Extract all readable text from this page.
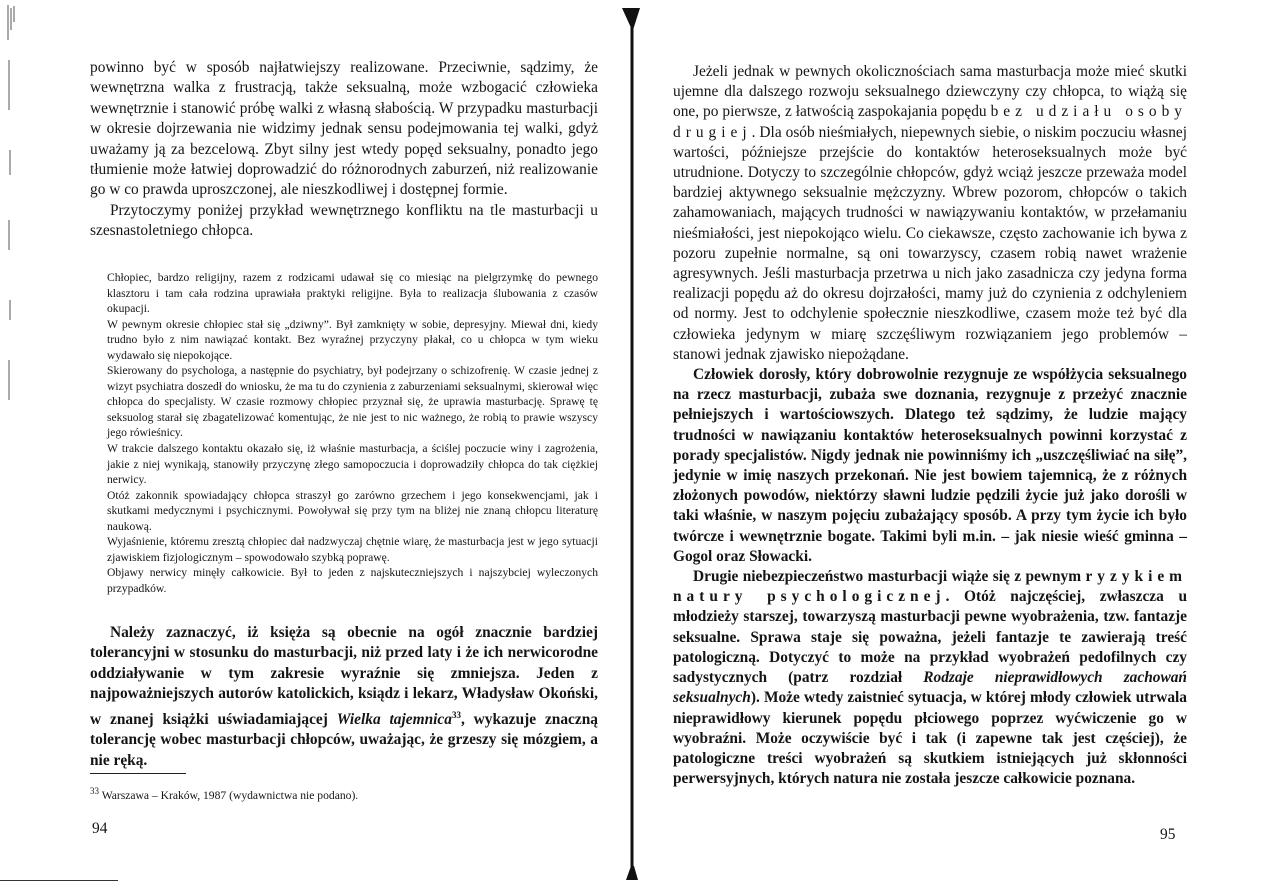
powinno być w sposób najłatwiejszy realizowane. Przeciwnie, sądzimy, że wewnętrzna walka z frustracją, także seksualną, może wzbogacić człowieka wewnętrznie i stanowić próbę walki z własną słabością. W przypadku masturbacji w okresie dojrzewania nie widzimy jednak sensu podejmowania tej walki, gdyż uważamy ją za bezcelową. Zbyt silny jest wtedy popęd seksualny, ponadto jego tłumienie może łatwiej doprowadzić do różnorodnych zaburzeń, niż realizowanie go w co prawda uproszczonej, ale nieszkodliwej i dostępnej formie.

Przytoczymy poniżej przykład wewnętrznego konfliktu na tle masturbacji u szesnastoletniego chłopca.

Chłopiec, bardzo religijny, razem z rodzicami udawał się co miesiąc na pielgrzymkę do pewnego klasztoru i tam cała rodzina uprawiała praktyki religijne. Była to realizacja ślubowania z czasów okupacji.

W pewnym okresie chłopiec stał się „dziwny”. Był zamknięty w sobie, depresyjny. Miewał dni, kiedy trudno było z nim nawiązać kontakt. Bez wyraźnej przyczyny płakał, co u chłopca w tym wieku wydawało się niepokojące.

Skierowany do psychologa, a następnie do psychiatry, był podejrzany o schizofrenię. W czasie jednej z wizyt psychiatra doszedł do wniosku, że ma tu do czynienia z zaburzeniami seksualnymi, skierował więc chłopca do specjalisty. W czasie rozmowy chłopiec przyznał się, że uprawia masturbację. Sprawę tę seksuolog starał się zbagatelizować komentując, że nie jest to nic ważnego, że robią to prawie wszyscy jego rówieśnicy.

W trakcie dalszego kontaktu okazało się, iż właśnie masturbacja, a ściślej poczucie winy i zagrożenia, jakie z niej wynikają, stanowiły przyczynę złego samopoczucia i doprowadziły chłopca do tak ciężkiej nerwicy.

Otóż zakonnik spowiadający chłopca straszył go zarówno grzechem i jego konsekwencjami, jak i skutkami medycznymi i psychicznymi. Powoływał się przy tym na bliżej nie znaną chłopcu literaturę naukową.

Wyjaśnienie, któremu zresztą chłopiec dał nadzwyczaj chętnie wiarę, że masturbacja jest w jego sytuacji zjawiskiem fizjologicznym – spowodowało szybką poprawę.

Objawy nerwicy minęły całkowicie. Był to jeden z najskuteczniejszych i najszybciej wyleczonych przypadków.

Należy zaznaczyć, iż księża są obecnie na ogół znacznie bardziej tolerancyjni w stosunku do masturbacji, niż przed laty i że ich nerwicorodne oddziaływanie w tym zakresie wyraźnie się zmniejsza. Jeden z najpoważniejszych autorów katolickich, ksiądz i lekarz, Władysław Okoński, w znanej książki uświadamiającej Wielka tajemnica$^{33}$, wykazuje znaczną tolerancję wobec masturbacji chłopców, uważając, że grzeszy się mózgiem, a nie ręką.

$^{33}$ Warszawa – Kraków, 1987 (wydawnictwa nie podano).
94

Jeżeli jednak w pewnych okolicznościach sama masturbacja może mieć skutki ujemne dla dalszego rozwoju seksualnego dziewczyny czy chłopca, to wiążą się one, po pierwsze, z łatwością zaspokajania popędu bez udziału osoby drugiej. Dla osób nieśmiałych, niepewnych siebie, o niskim poczuciu własnej wartości, późniejsze przejście do kontaktów heteroseksualnych może być utrudnione. Dotyczy to szczególnie chłopców, gdyż wciąż jeszcze przeważa model bardziej aktywnego seksualnie mężczyzny. Wbrew pozorom, chłopców o takich zahamowaniach, mających trudności w nawiązywaniu kontaktów, w przełamaniu nieśmiałości, jest niepokojąco wielu. Co ciekawsze, często zachowanie ich bywa z pozoru zupełnie normalne, są oni towarzyscy, czasem robią nawet wrażenie agresywnych. Jeśli masturbacja przetrwa u nich jako zasadnicza czy jedyna forma realizacji popędu aż do okresu dojrzałości, mamy już do czynienia z odchyleniem od normy. Jest to odchylenie społecznie nieszkodliwe, czasem może też być dla człowieka jedynym w miarę szczęśliwym rozwiązaniem jego problemów – stanowi jednak zjawisko niepożądane.

Człowiek dorosły, który dobrowolnie rezygnuje ze współżycia seksualnego na rzecz masturbacji, zubaża swe doznania, rezygnuje z przeżyć znacznie pełniejszych i wartościowszych. Dlatego też sądzimy, że ludzie mający trudności w nawiązaniu kontaktów heteroseksualnych powinni korzystać z porady specjalistów. Nigdy jednak nie powinniśmy ich „uszczęśliwiać na siłę”, jedynie w imię naszych przekonań. Nie jest bowiem tajemnicą, że z różnych złożonych powodów, niektórzy sławni ludzie pędzili życie już jako dorośli w taki właśnie, w naszym pojęciu zubażający sposób. A przy tym życie ich było twórcze i wewnętrznie bogate. Takimi byli m.in. – jak niesie wieść gminna – Gogol oraz Słowacki.

Drugie niebezpieczeństwo masturbacji wiąże się z pewnym ryzykiem natury psychologicznej. Otóż najczęściej, zwłaszcza u młodzieży starszej, towarzyszą masturbacji pewne wyobrażenia, tzw. fantazje seksualne. Sprawa staje się poważna, jeżeli fantazje te zawierają treść patologiczną. Dotyczyć to może na przykład wyobrażeń pedofilnych czy sadystycznych (patrz rozdział Rodzaje nieprawidłowych zachowań seksualnych). Może wtedy zaistnieć sytuacja, w której młody człowiek utrwala nieprawidłowy kierunek popędu płciowego poprzez wyćwiczenie go w wyobraźni. Może oczywiście być i tak (i zapewne tak jest częściej), że patologiczne treści wyobrażeń są skutkiem istniejących już skłonności perwersyjnych, których natura nie została jeszcze całkowicie poznana.

95
